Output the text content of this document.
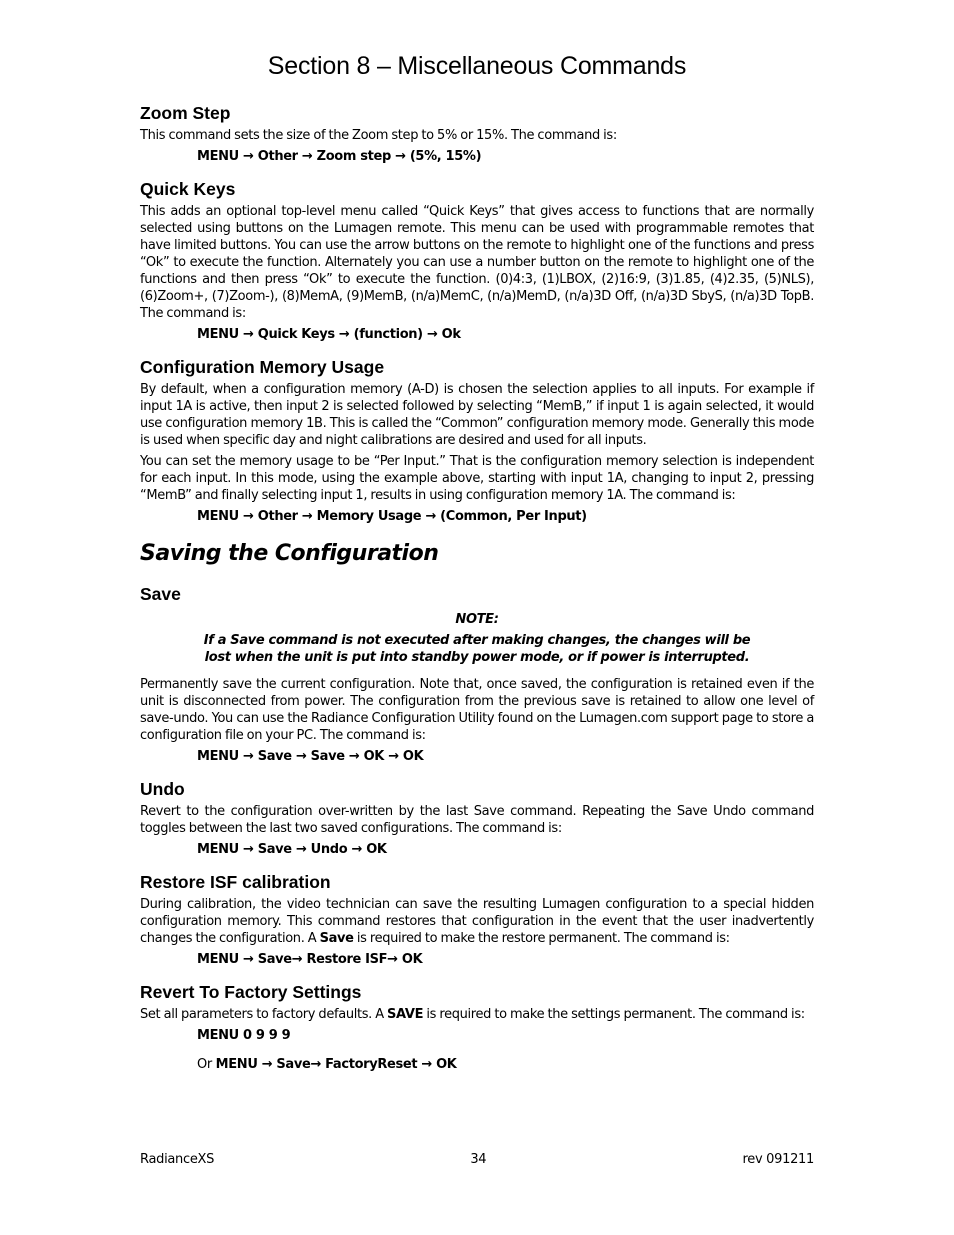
Section 8 – Miscellaneous Commands
Zoom Step

This command sets the size of the Zoom step to 5% or 15%. The command is:

MENU → Other → Zoom step → (5%, 15%)
Quick Keys

This adds an optional top-level menu called “Quick Keys” that gives access to functions that are normally selected using buttons on the Lumagen remote. This menu can be used with programmable remotes that have limited buttons. You can use the arrow buttons on the remote to highlight one of the functions and press “Ok” to execute the function. Alternately you can use a number button on the remote to highlight one of the functions and then press “Ok” to execute the function. (0)4:3, (1)LBOX, (2)16:9, (3)1.85, (4)2.35, (5)NLS), (6)Zoom+, (7)Zoom-), (8)MemA, (9)MemB, (n/a)MemC, (n/a)MemD, (n/a)3D Off, (n/a)3D SbyS, (n/a)3D TopB. The command is:

MENU → Quick Keys → (function) → Ok
Configuration Memory Usage

By default, when a configuration memory (A-D) is chosen the selection applies to all inputs. For example if input 1A is active, then input 2 is selected followed by selecting “MemB,” if input 1 is again selected, it would use configuration memory 1B. This is called the “Common” configuration memory mode. Generally this mode is used when specific day and night calibrations are desired and used for all inputs.

You can set the memory usage to be “Per Input.” That is the configuration memory selection is independent for each input. In this mode, using the example above, starting with input 1A, changing to input 2, pressing “MemB” and finally selecting input 1, results in using configuration memory 1A. The command is:

MENU → Other → Memory Usage → (Common, Per Input)
Saving the Configuration
Save
NOTE:
If a Save command is not executed after making changes, the changes will be
lost when the unit is put into standby power mode, or if power is interrupted.

Permanently save the current configuration. Note that, once saved, the configuration is retained even if the unit is disconnected from power. The configuration from the previous save is retained to allow one level of save-undo. You can use the Radiance Configuration Utility found on the Lumagen.com support page to store a configuration file on your PC. The command is:

MENU → Save → Save → OK → OK
Undo

Revert to the configuration over-written by the last Save command. Repeating the Save Undo command toggles between the last two saved configurations. The command is:

MENU → Save → Undo → OK
Restore ISF calibration

During calibration, the video technician can save the resulting Lumagen configuration to a special hidden configuration memory. This command restores that configuration in the event that the user inadvertently changes the configuration. A Save is required to make the restore permanent. The command is:

MENU → Save→ Restore ISF→ OK
Revert To Factory Settings

Set all parameters to factory defaults. A SAVE is required to make the settings permanent. The command is:

MENU 0 9 9 9
Or MENU → Save→ FactoryReset → OK
RadianceXS	34	rev 091211
